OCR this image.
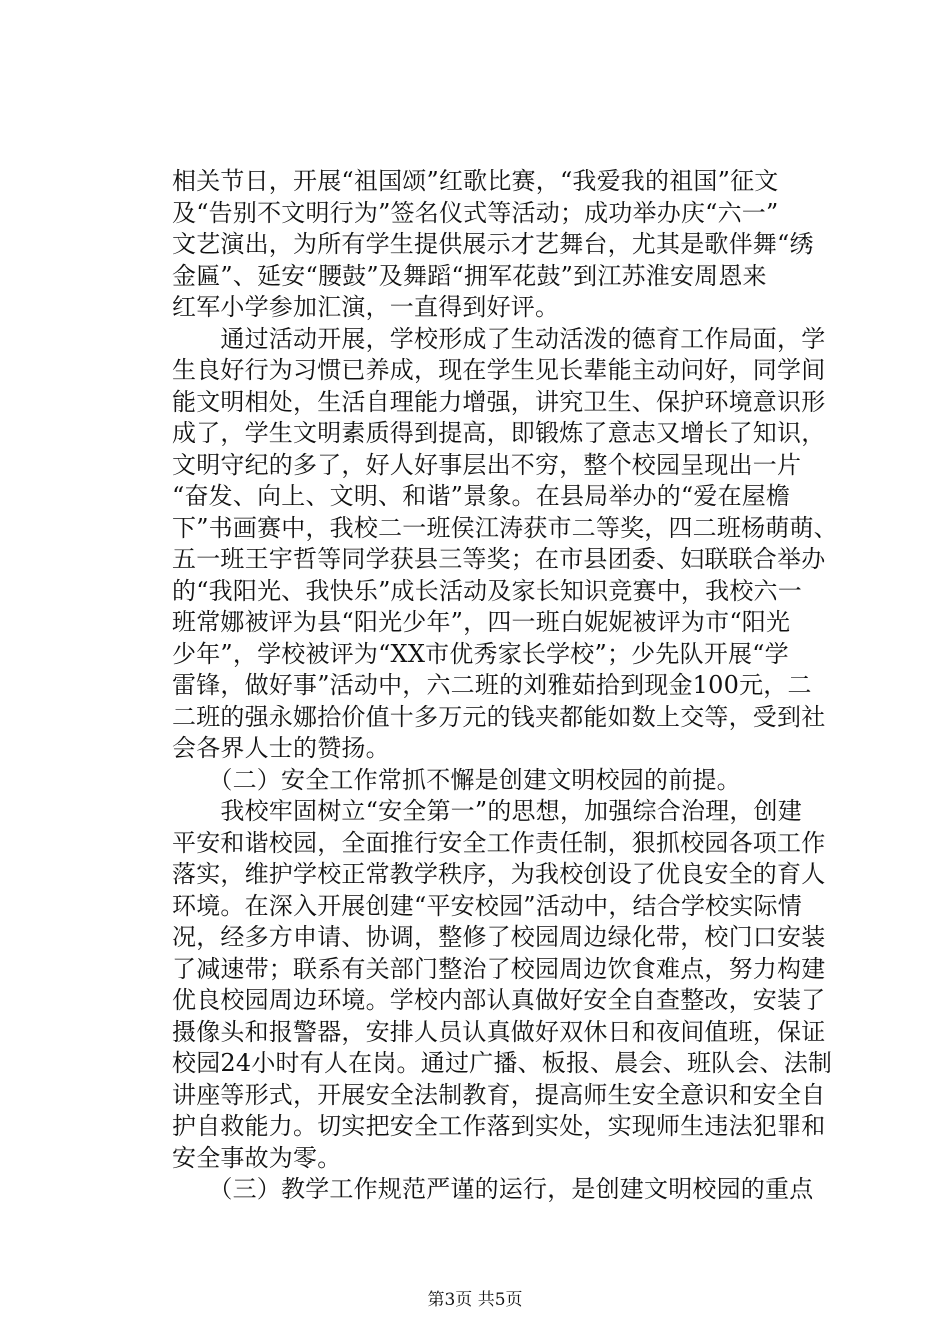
相关节日，开展“祖国颂”红歌比赛，“我爱我的祖国”征文
及“告别不文明行为”签名仪式等活动；成功举办庆“六一”
文艺演出，为所有学生提供展示才艺舞台，尤其是歌伴舞“绣
金匾”、延安“腰鼓”及舞蹈“拥军花鼓”到江苏淮安周恩来
红军小学参加汇演，一直得到好评。
　　通过活动开展，学校形成了生动活泼的德育工作局面，学
生良好行为习惯已养成，现在学生见长辈能主动问好，同学间
能文明相处，生活自理能力增强，讲究卫生、保护环境意识形
成了，学生文明素质得到提高，即锻炼了意志又增长了知识，
文明守纪的多了，好人好事层出不穷，整个校园呈现出一片
“奋发、向上、文明、和谐”景象。在县局举办的“爱在屋檐
下”书画赛中，我校二一班侯江涛获市二等奖，四二班杨萌萌、
五一班王宇哲等同学获县三等奖；在市县团委、妇联联合举办
的“我阳光、我快乐”成长活动及家长知识竞赛中，我校六一
班常娜被评为县“阳光少年”，四一班白妮妮被评为市“阳光
少年”，学校被评为“XX市优秀家长学校”；少先队开展“学
雷锋，做好事”活动中，六二班的刘雅茹拾到现金100元，二
二班的强永娜拾价值十多万元的钱夹都能如数上交等，受到社
会各界人士的赞扬。
　　（二）安全工作常抓不懈是创建文明校园的前提。
　　我校牢固树立“安全第一”的思想，加强综合治理，创建
平安和谐校园，全面推行安全工作责任制，狠抓校园各项工作
落实，维护学校正常教学秩序，为我校创设了优良安全的育人
环境。在深入开展创建“平安校园”活动中，结合学校实际情
况，经多方申请、协调，整修了校园周边绿化带，校门口安装
了减速带；联系有关部门整治了校园周边饮食难点，努力构建
优良校园周边环境。学校内部认真做好安全自查整改，安装了
摄像头和报警器，安排人员认真做好双休日和夜间值班，保证
校园24小时有人在岗。通过广播、板报、晨会、班队会、法制
讲座等形式，开展安全法制教育，提高师生安全意识和安全自
护自救能力。切实把安全工作落到实处，实现师生违法犯罪和
安全事故为零。
　　（三）教学工作规范严谨的运行，是创建文明校园的重点
第3页 共5页
